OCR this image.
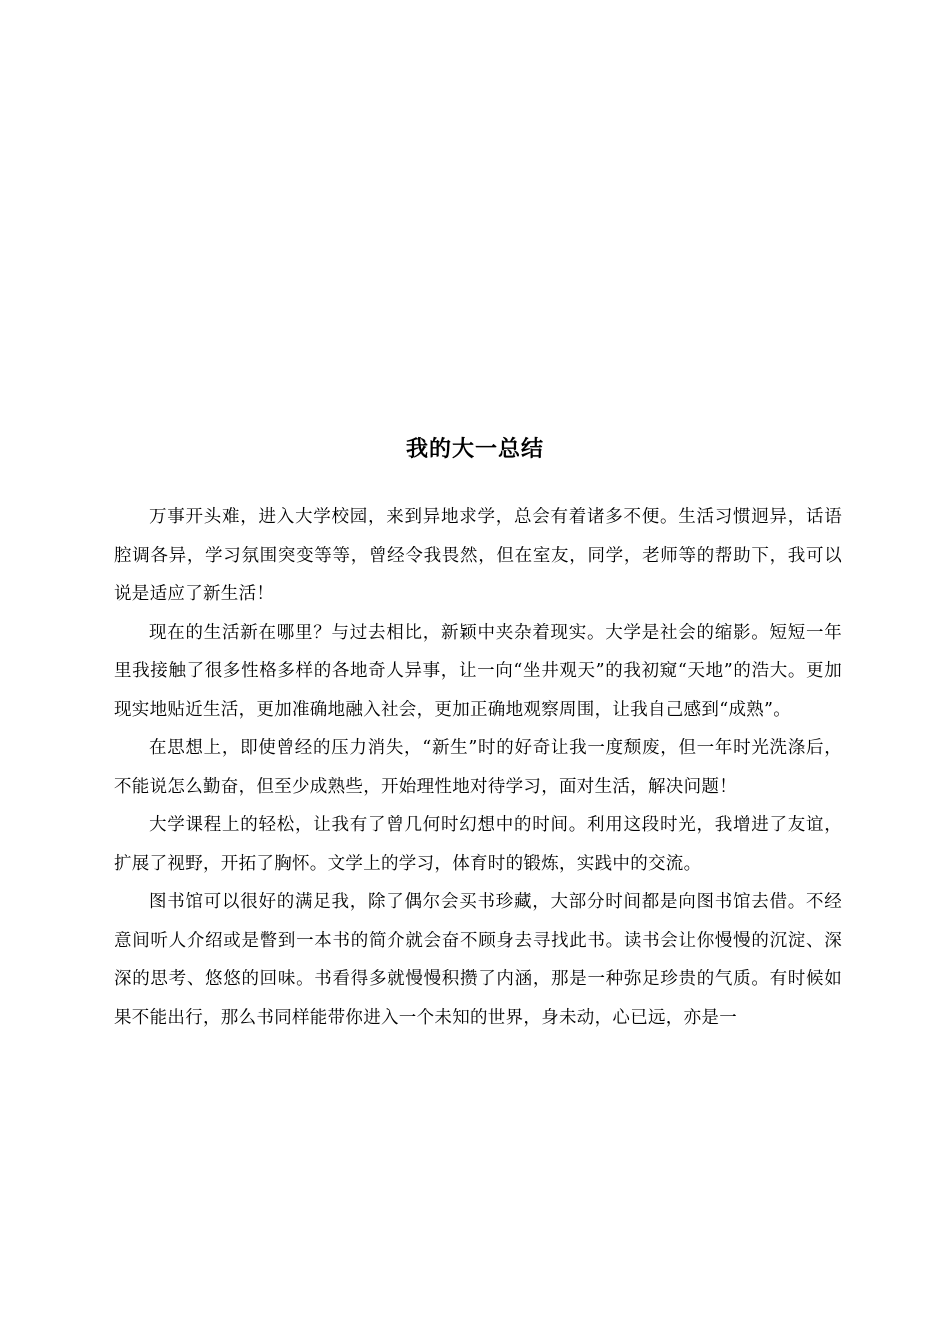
我的大一总结

万事开头难，进入大学校园，来到异地求学，总会有着诸多不便。生活习惯迥异，话语腔调各异，学习氛围突变等等，曾经令我畏然，但在室友，同学，老师等的帮助下，我可以说是适应了新生活！

现在的生活新在哪里？与过去相比，新颖中夹杂着现实。大学是社会的缩影。短短一年里我接触了很多性格多样的各地奇人异事，让一向“坐井观天”的我初窥“天地”的浩大。更加现实地贴近生活，更加准确地融入社会，更加正确地观察周围，让我自己感到“成熟”。

在思想上，即使曾经的压力消失，“新生”时的好奇让我一度颓废，但一年时光洗涤后，不能说怎么勤奋，但至少成熟些，开始理性地对待学习，面对生活，解决问题！

大学课程上的轻松，让我有了曾几何时幻想中的时间。利用这段时光，我增进了友谊，扩展了视野，开拓了胸怀。文学上的学习，体育时的锻炼，实践中的交流。

图书馆可以很好的满足我，除了偶尔会买书珍藏，大部分时间都是向图书馆去借。不经意间听人介绍或是瞥到一本书的简介就会奋不顾身去寻找此书。读书会让你慢慢的沉淀、深深的思考、悠悠的回味。书看得多就慢慢积攒了内涵，那是一种弥足珍贵的气质。有时候如果不能出行，那么书同样能带你进入一个未知的世界，身未动，心已远，亦是一
